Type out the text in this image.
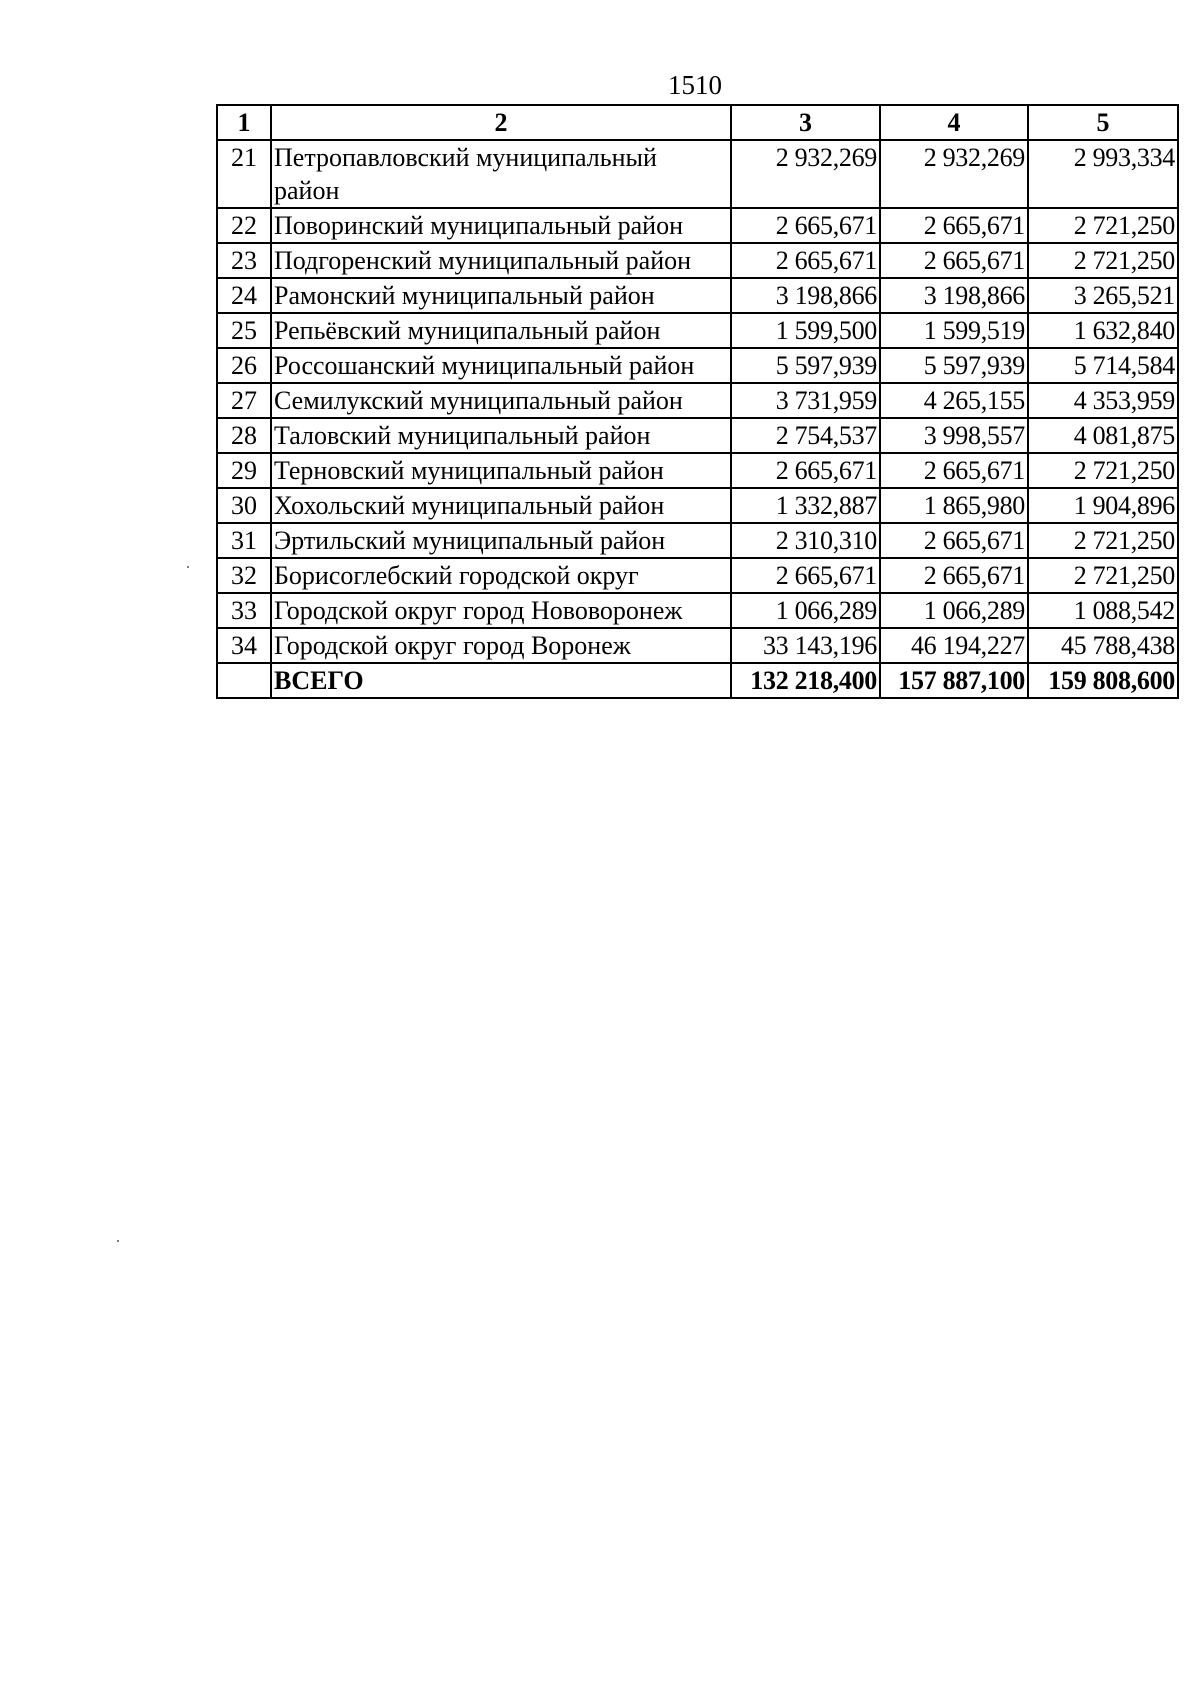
1510
1	2	3	4	5
21	Петропавловский муниципальный район	2 932,269	2 932,269	2 993,334
22	Поворинский муниципальный район	2 665,671	2 665,671	2 721,250
23	Подгоренский муниципальный район	2 665,671	2 665,671	2 721,250
24	Рамонский муниципальный район	3 198,866	3 198,866	3 265,521
25	Репьёвский муниципальный район	1 599,500	1 599,519	1 632,840
26	Россошанский муниципальный район	5 597,939	5 597,939	5 714,584
27	Семилукский муниципальный район	3 731,959	4 265,155	4 353,959
28	Таловский муниципальный район	2 754,537	3 998,557	4 081,875
29	Терновский муниципальный район	2 665,671	2 665,671	2 721,250
30	Хохольский муниципальный район	1 332,887	1 865,980	1 904,896
31	Эртильский муниципальный район	2 310,310	2 665,671	2 721,250
32	Борисоглебский городской округ	2 665,671	2 665,671	2 721,250
33	Городской округ город Нововоронеж	1 066,289	1 066,289	1 088,542
34	Городской округ город Воронеж	33 143,196	46 194,227	45 788,438
	ВСЕГО	132 218,400	157 887,100	159 808,600
